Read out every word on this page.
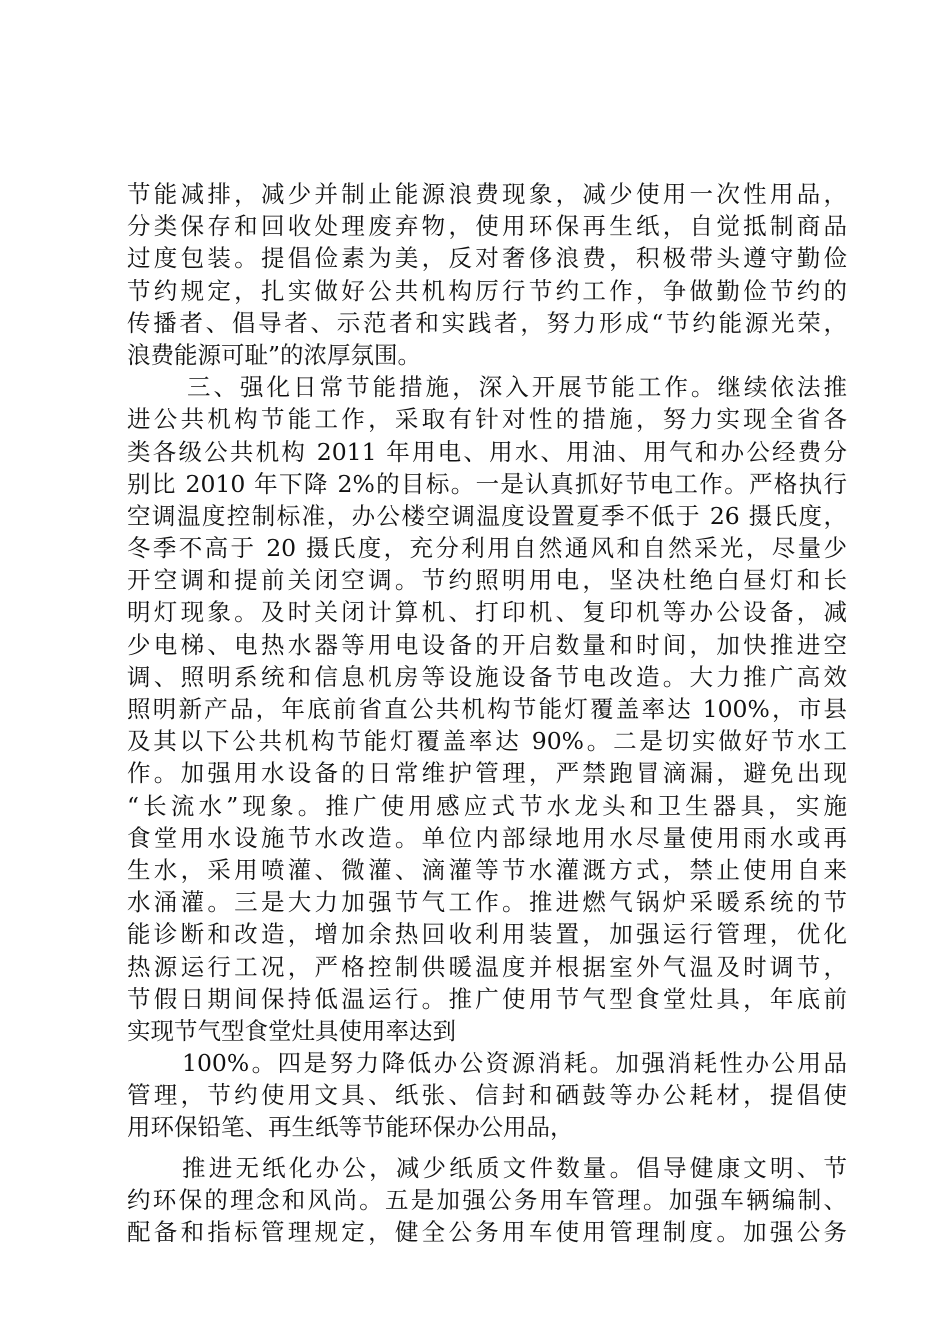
节能减排，减少并制止能源浪费现象，减少使用一次性用品，
分类保存和回收处理废弃物，使用环保再生纸，自觉抵制商品
过度包装。提倡俭素为美，反对奢侈浪费，积极带头遵守勤俭
节约规定，扎实做好公共机构厉行节约工作，争做勤俭节约的
传播者、倡导者、示范者和实践者，努力形成“节约能源光荣，
浪费能源可耻”的浓厚氛围。
三、强化日常节能措施，深入开展节能工作。继续依法推
进公共机构节能工作，采取有针对性的措施，努力实现全省各
类各级公共机构 2011 年用电、用水、用油、用气和办公经费分
别比 2010 年下降 2%的目标。一是认真抓好节电工作。严格执行
空调温度控制标准，办公楼空调温度设置夏季不低于 26 摄氏度，
冬季不高于 20 摄氏度，充分利用自然通风和自然采光，尽量少
开空调和提前关闭空调。节约照明用电，坚决杜绝白昼灯和长
明灯现象。及时关闭计算机、打印机、复印机等办公设备，减
少电梯、电热水器等用电设备的开启数量和时间，加快推进空
调、照明系统和信息机房等设施设备节电改造。大力推广高效
照明新产品，年底前省直公共机构节能灯覆盖率达 100%，市县
及其以下公共机构节能灯覆盖率达 90%。二是切实做好节水工
作。加强用水设备的日常维护管理，严禁跑冒滴漏，避免出现
“长流水”现象。推广使用感应式节水龙头和卫生器具，实施
食堂用水设施节水改造。单位内部绿地用水尽量使用雨水或再
生水，采用喷灌、微灌、滴灌等节水灌溉方式，禁止使用自来
水涌灌。三是大力加强节气工作。推进燃气锅炉采暖系统的节
能诊断和改造，增加余热回收利用装置，加强运行管理，优化
热源运行工况，严格控制供暖温度并根据室外气温及时调节，
节假日期间保持低温运行。推广使用节气型食堂灶具，年底前
实现节气型食堂灶具使用率达到
100%。四是努力降低办公资源消耗。加强消耗性办公用品
管理，节约使用文具、纸张、信封和硒鼓等办公耗材，提倡使
用环保铅笔、再生纸等节能环保办公用品，
推进无纸化办公，减少纸质文件数量。倡导健康文明、节
约环保的理念和风尚。五是加强公务用车管理。加强车辆编制、
配备和指标管理规定，健全公务用车使用管理制度。加强公务
